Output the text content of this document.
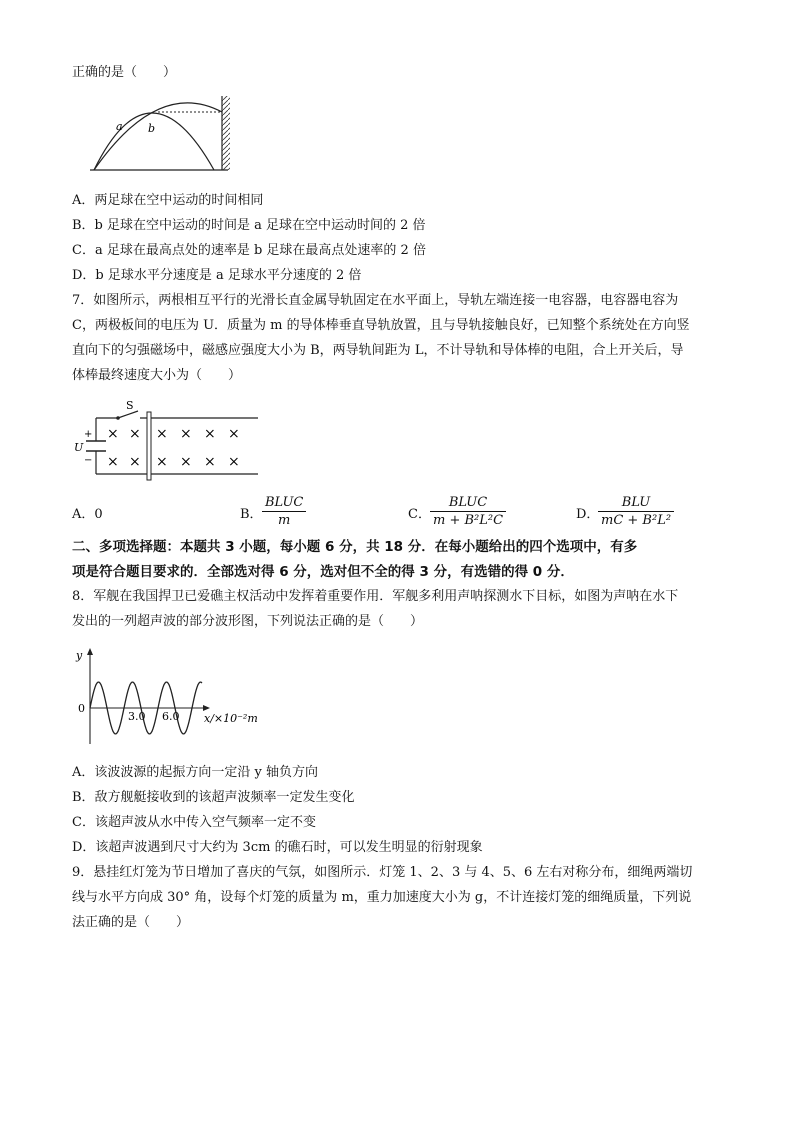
正确的是（　　）
a b
A．两足球在空中运动的时间相同
B．b 足球在空中运动的时间是 a 足球在空中运动时间的 2 倍
C．a 足球在最高点处的速率是 b 足球在最高点处速率的 2 倍
D．b 足球水平分速度是 a 足球水平分速度的 2 倍
7．如图所示，两根相互平行的光滑长直金属导轨固定在水平面上，导轨左端连接一电容器，电容器电容为
C，两极板间的电压为 U．质量为 m 的导体棒垂直导轨放置，且与导轨接触良好，已知整个系统处在方向竖
直向下的匀强磁场中，磁感应强度大小为 B，两导轨间距为 L，不计导轨和导体棒的电阻，合上开关后，导
体棒最终速度大小为（　　）
S
+
−
U
× × × × × ×
× × × × × ×
A．0	B．
BLUC
m	C．
BLUC
m + B²L²C	D．
BLU
mC + B²L²
二、多项选择题：本题共 3 小题，每小题 6 分，共 18 分．在每小题给出的四个选项中，有多
项是符合题目要求的．全部选对得 6 分，选对但不全的得 3 分，有选错的得 0 分．
8．军舰在我国捍卫已爱礁主权活动中发挥着重要作用．军舰多利用声呐探测水下目标，如图为声呐在水下
发出的一列超声波的部分波形图，下列说法正确的是（　　）
y
0
3.0 6.0 x/×10⁻²m
A．该波波源的起振方向一定沿 y 轴负方向
B．敌方舰艇接收到的该超声波频率一定发生变化
C．该超声波从水中传入空气频率一定不变
D．该超声波遇到尺寸大约为 3cm 的礁石时，可以发生明显的衍射现象
9．悬挂红灯笼为节日增加了喜庆的气氛，如图所示．灯笼 1、2、3 与 4、5、6 左右对称分布，细绳两端切
线与水平方向成 30° 角，设每个灯笼的质量为 m，重力加速度大小为 g，不计连接灯笼的细绳质量，下列说
法正确的是（　　）
